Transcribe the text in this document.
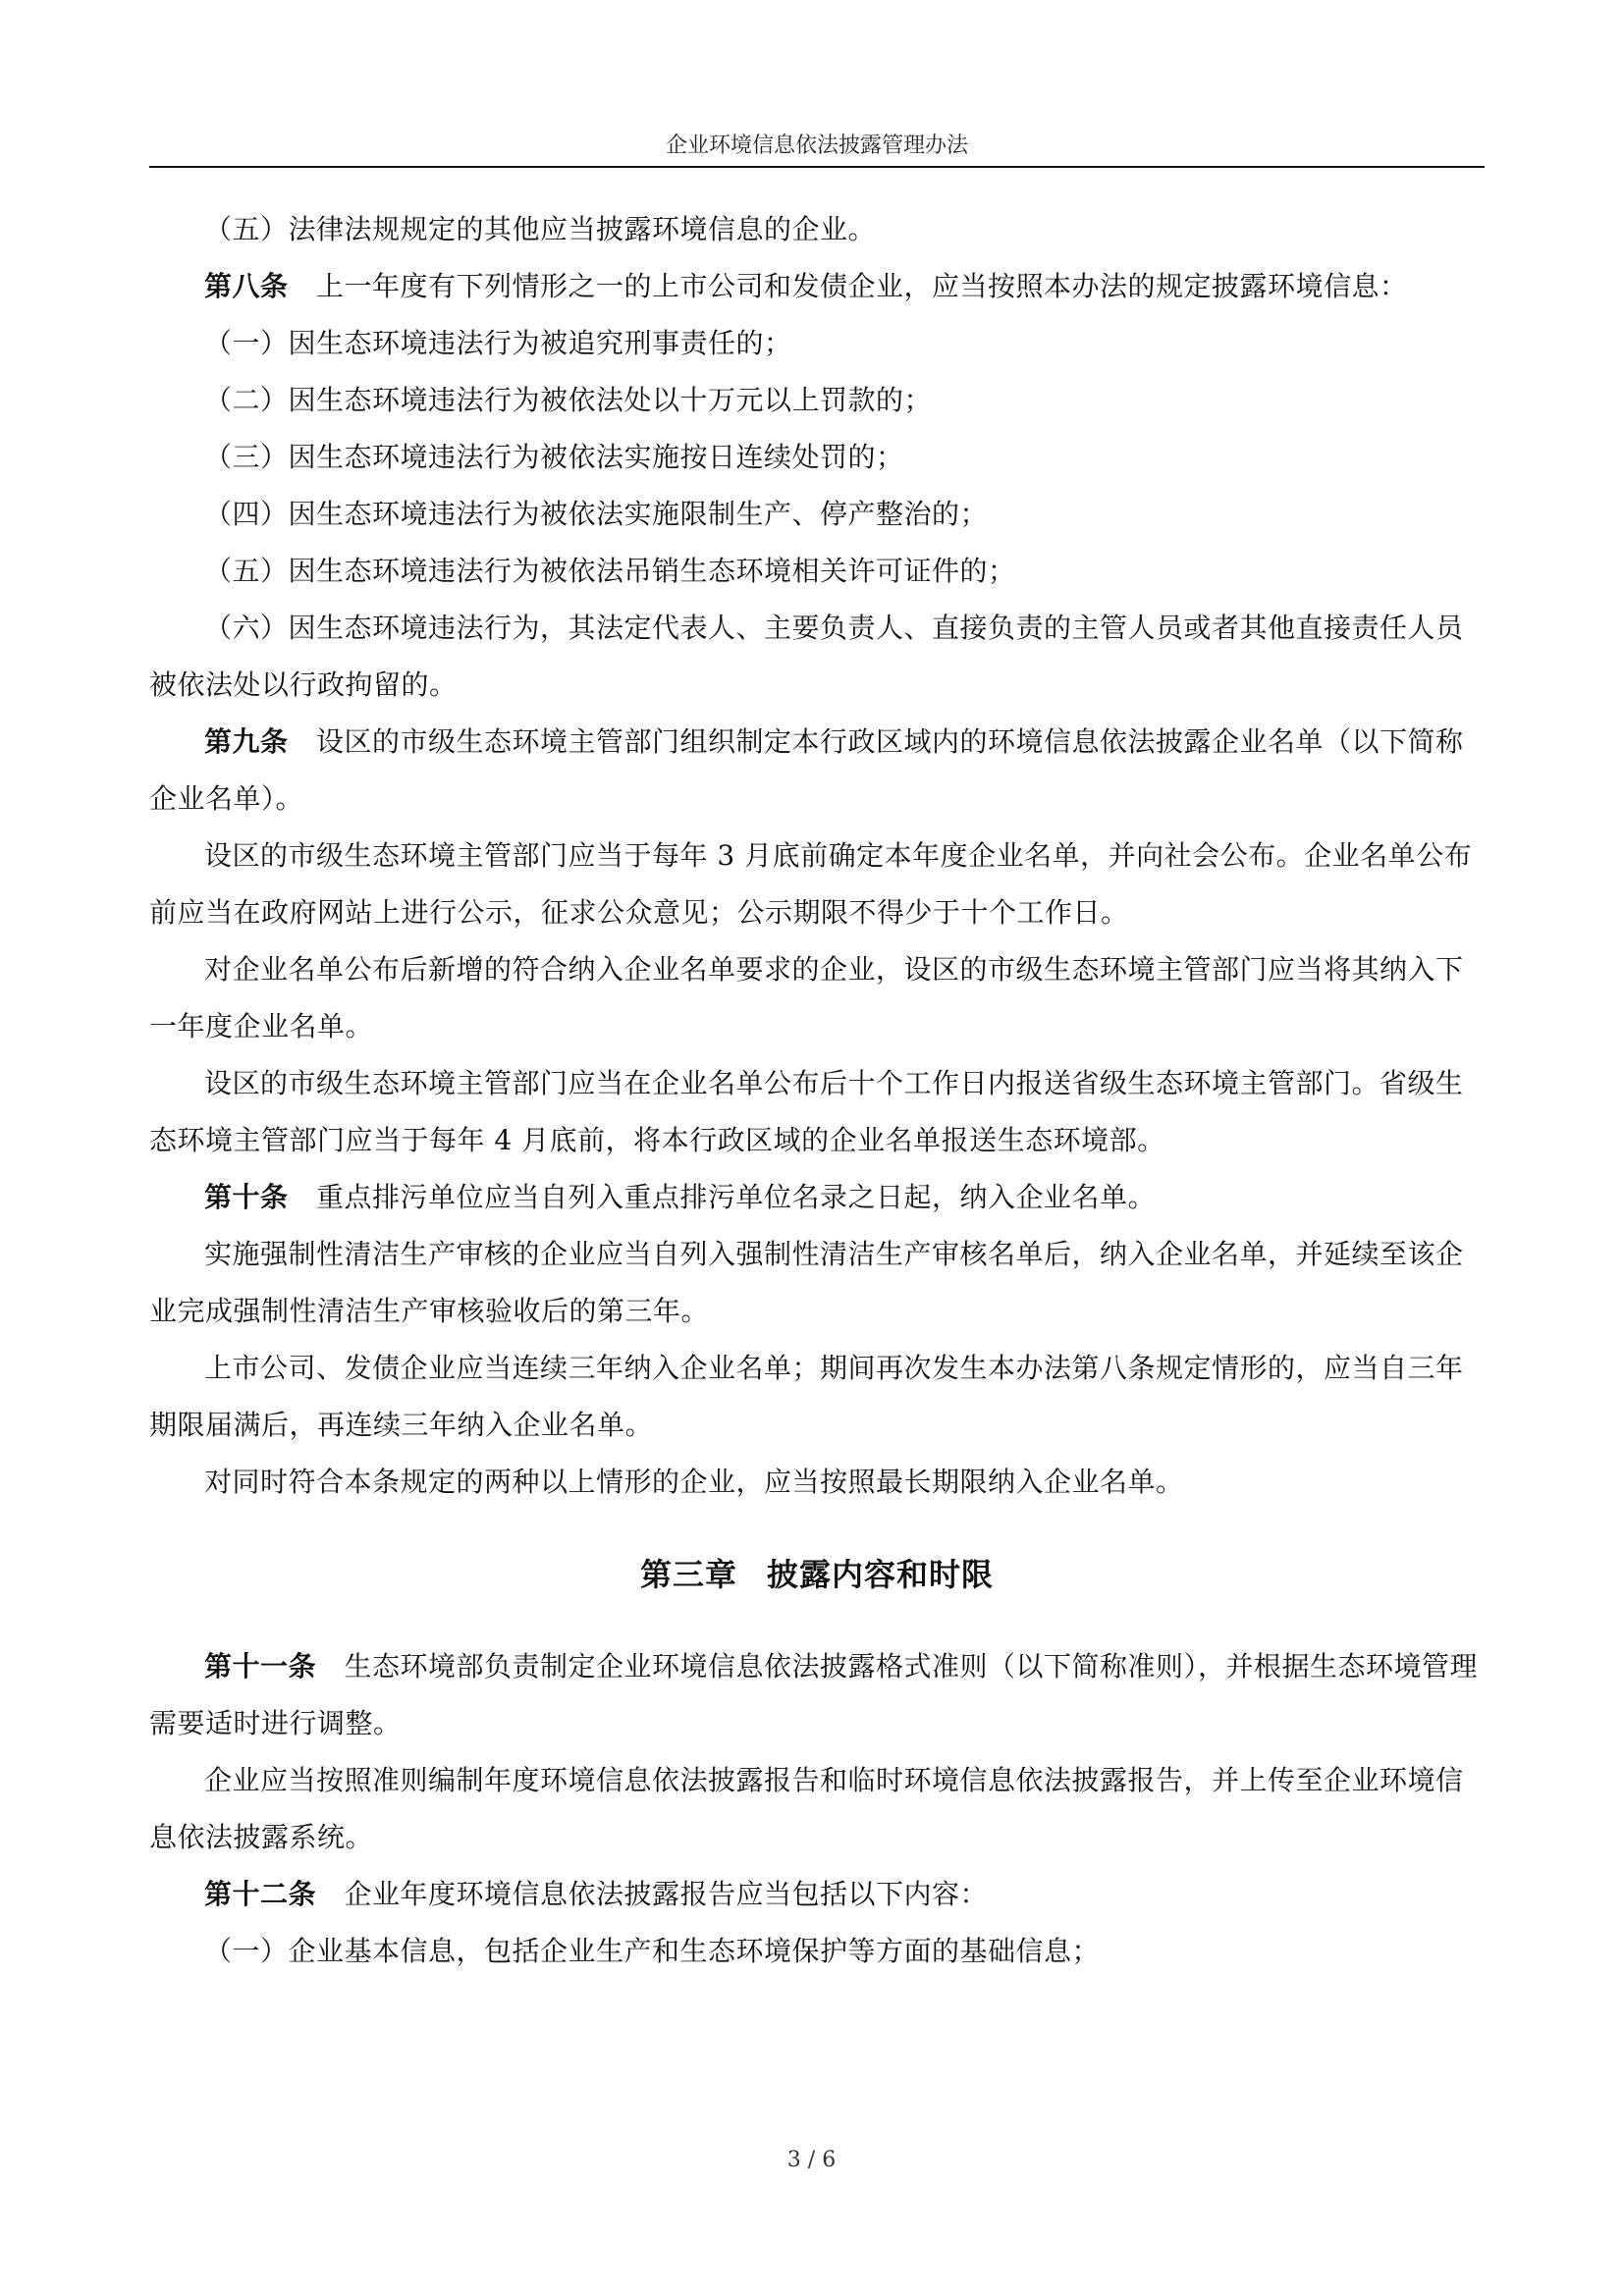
企业环境信息依法披露管理办法

（五）法律法规规定的其他应当披露环境信息的企业。

第八条　 上一年度有下列情形之一的上市公司和发债企业，应当按照本办法的规定披露环境信息：

（一）因生态环境违法行为被追究刑事责任的；

（二）因生态环境违法行为被依法处以十万元以上罚款的；

（三）因生态环境违法行为被依法实施按日连续处罚的；

（四）因生态环境违法行为被依法实施限制生产、停产整治的；

（五）因生态环境违法行为被依法吊销生态环境相关许可证件的；

（六）因生态环境违法行为，其法定代表人、主要负责人、直接负责的主管人员或者其他直接责任人员被依法处以行政拘留的。

第九条　 设区的市级生态环境主管部门组织制定本行政区域内的环境信息依法披露企业名单（以下简称企业名单）。

设区的市级生态环境主管部门应当于每年 3 月底前确定本年度企业名单，并向社会公布。企业名单公布前应当在政府网站上进行公示，征求公众意见；公示期限不得少于十个工作日。

对企业名单公布后新增的符合纳入企业名单要求的企业，设区的市级生态环境主管部门应当将其纳入下一年度企业名单。

设区的市级生态环境主管部门应当在企业名单公布后十个工作日内报送省级生态环境主管部门。省级生态环境主管部门应当于每年 4 月底前，将本行政区域的企业名单报送生态环境部。

第十条　 重点排污单位应当自列入重点排污单位名录之日起，纳入企业名单。

实施强制性清洁生产审核的企业应当自列入强制性清洁生产审核名单后，纳入企业名单，并延续至该企业完成强制性清洁生产审核验收后的第三年。

上市公司、发债企业应当连续三年纳入企业名单；期间再次发生本办法第八条规定情形的，应当自三年期限届满后，再连续三年纳入企业名单。

对同时符合本条规定的两种以上情形的企业，应当按照最长期限纳入企业名单。

第三章 披露内容和时限

第十一条　 生态环境部负责制定企业环境信息依法披露格式准则（以下简称准则），并根据生态环境管理需要适时进行调整。

企业应当按照准则编制年度环境信息依法披露报告和临时环境信息依法披露报告，并上传至企业环境信息依法披露系统。

第十二条　 企业年度环境信息依法披露报告应当包括以下内容：

（一）企业基本信息，包括企业生产和生态环境保护等方面的基础信息；

3 / 6
